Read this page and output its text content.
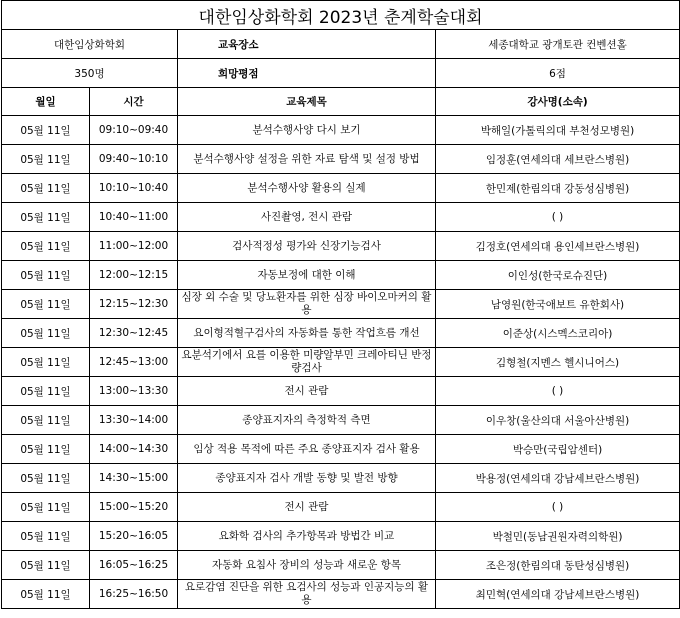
대한임상화학회 2023년 춘계학술대회			
대한임상화학회		교육장소	세종대학교 광개토관 컨벤션홀
350명		희망평점	6점
월일	시간	교육제목	강사명(소속)
05월 11일	09:10~09:40	분석수행사양 다시 보기	박해일(가톨릭의대 부천성모병원)
05월 11일	09:40~10:10	분석수행사양 설정을 위한 자료 탐색 및 설정 방법	임정훈(연세의대 세브란스병원)
05월 11일	10:10~10:40	분석수행사양 활용의 실제	한민제(한림의대 강동성심병원)
05월 11일	10:40~11:00	사진촬영, 전시 관람	( )
05월 11일	11:00~12:00	검사적정성 평가와 신장기능검사	김정호(연세의대 용인세브란스병원)
05월 11일	12:00~12:15	자동보정에 대한 이해	이인성(한국로슈진단)
05월 11일	12:15~12:30	심장 외 수술 및 당뇨환자를 위한 심장 바이오마커의 활용	남영원(한국애보트 유한회사)
05월 11일	12:30~12:45	요이형적혈구검사의 자동화를 통한 작업흐름 개선	이준상(시스멕스코리아)
05월 11일	12:45~13:00	요분석기에서 요를 이용한 미량알부민 크레아티닌 반정량검사	김형철(지멘스 헬시니어스)
05월 11일	13:00~13:30	전시 관람	( )
05월 11일	13:30~14:00	종양표지자의 측정학적 측면	이우창(울산의대 서울아산병원)
05월 11일	14:00~14:30	임상 적용 목적에 따른 주요 종양표지자 검사 활용	박승만(국립암센터)
05월 11일	14:30~15:00	종양표지자 검사 개발 동향 및 발전 방향	박용정(연세의대 강남세브란스병원)
05월 11일	15:00~15:20	전시 관람	( )
05월 11일	15:20~16:05	요화학 검사의 추가항목과 방법간 비교	박철민(동남권원자력의학원)
05월 11일	16:05~16:25	자동화 요침사 장비의 성능과 새로운 항목	조은정(한림의대 동탄성심병원)
05월 11일	16:25~16:50	요로감염 진단을 위한 요검사의 성능과 인공지능의 활용	최민혁(연세의대 강남세브란스병원)
